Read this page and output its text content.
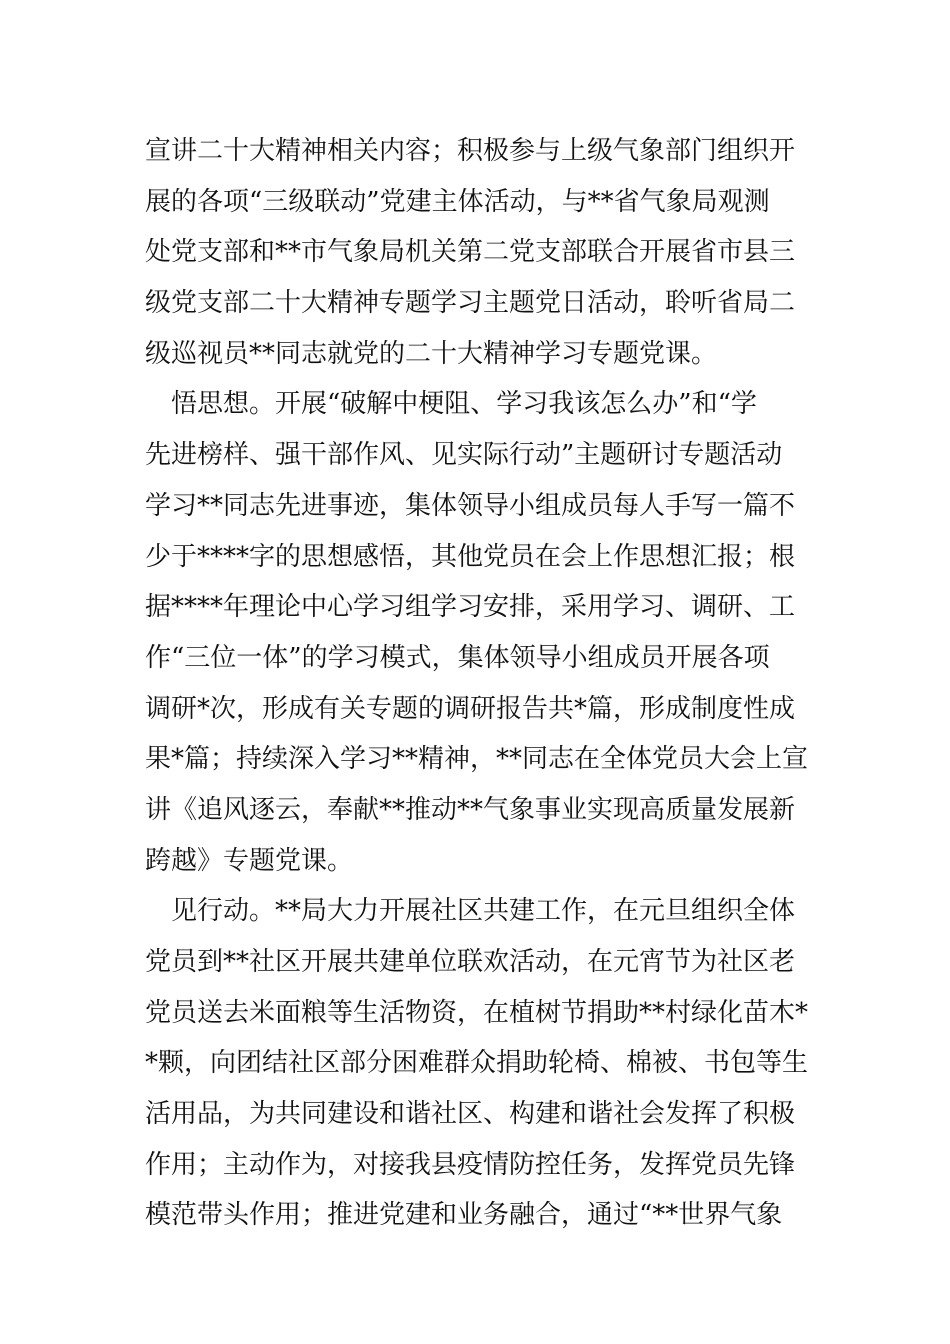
宣讲二十大精神相关内容；积极参与上级气象部门组织开
展的各项“三级联动”党建主体活动，与**省气象局观测
处党支部和**市气象局机关第二党支部联合开展省市县三
级党支部二十大精神专题学习主题党日活动，聆听省局二
级巡视员**同志就党的二十大精神学习专题党课。
　悟思想。开展“破解中梗阻、学习我该怎么办”和“学
先进榜样、强干部作风、见实际行动”主题研讨专题活动
学习**同志先进事迹，集体领导小组成员每人手写一篇不
少于****字的思想感悟，其他党员在会上作思想汇报；根
据****年理论中心学习组学习安排，采用学习、调研、工
作“三位一体”的学习模式，集体领导小组成员开展各项
调研*次，形成有关专题的调研报告共*篇，形成制度性成
果*篇；持续深入学习**精神，**同志在全体党员大会上宣
讲《追风逐云，奉献**推动**气象事业实现高质量发展新
跨越》专题党课。
　见行动。**局大力开展社区共建工作，在元旦组织全体
党员到**社区开展共建单位联欢活动，在元宵节为社区老
党员送去米面粮等生活物资，在植树节捐助**村绿化苗木*
*颗，向团结社区部分困难群众捐助轮椅、棉被、书包等生
活用品，为共同建设和谐社区、构建和谐社会发挥了积极
作用；主动作为，对接我县疫情防控任务，发挥党员先锋
模范带头作用；推进党建和业务融合，通过“**世界气象
